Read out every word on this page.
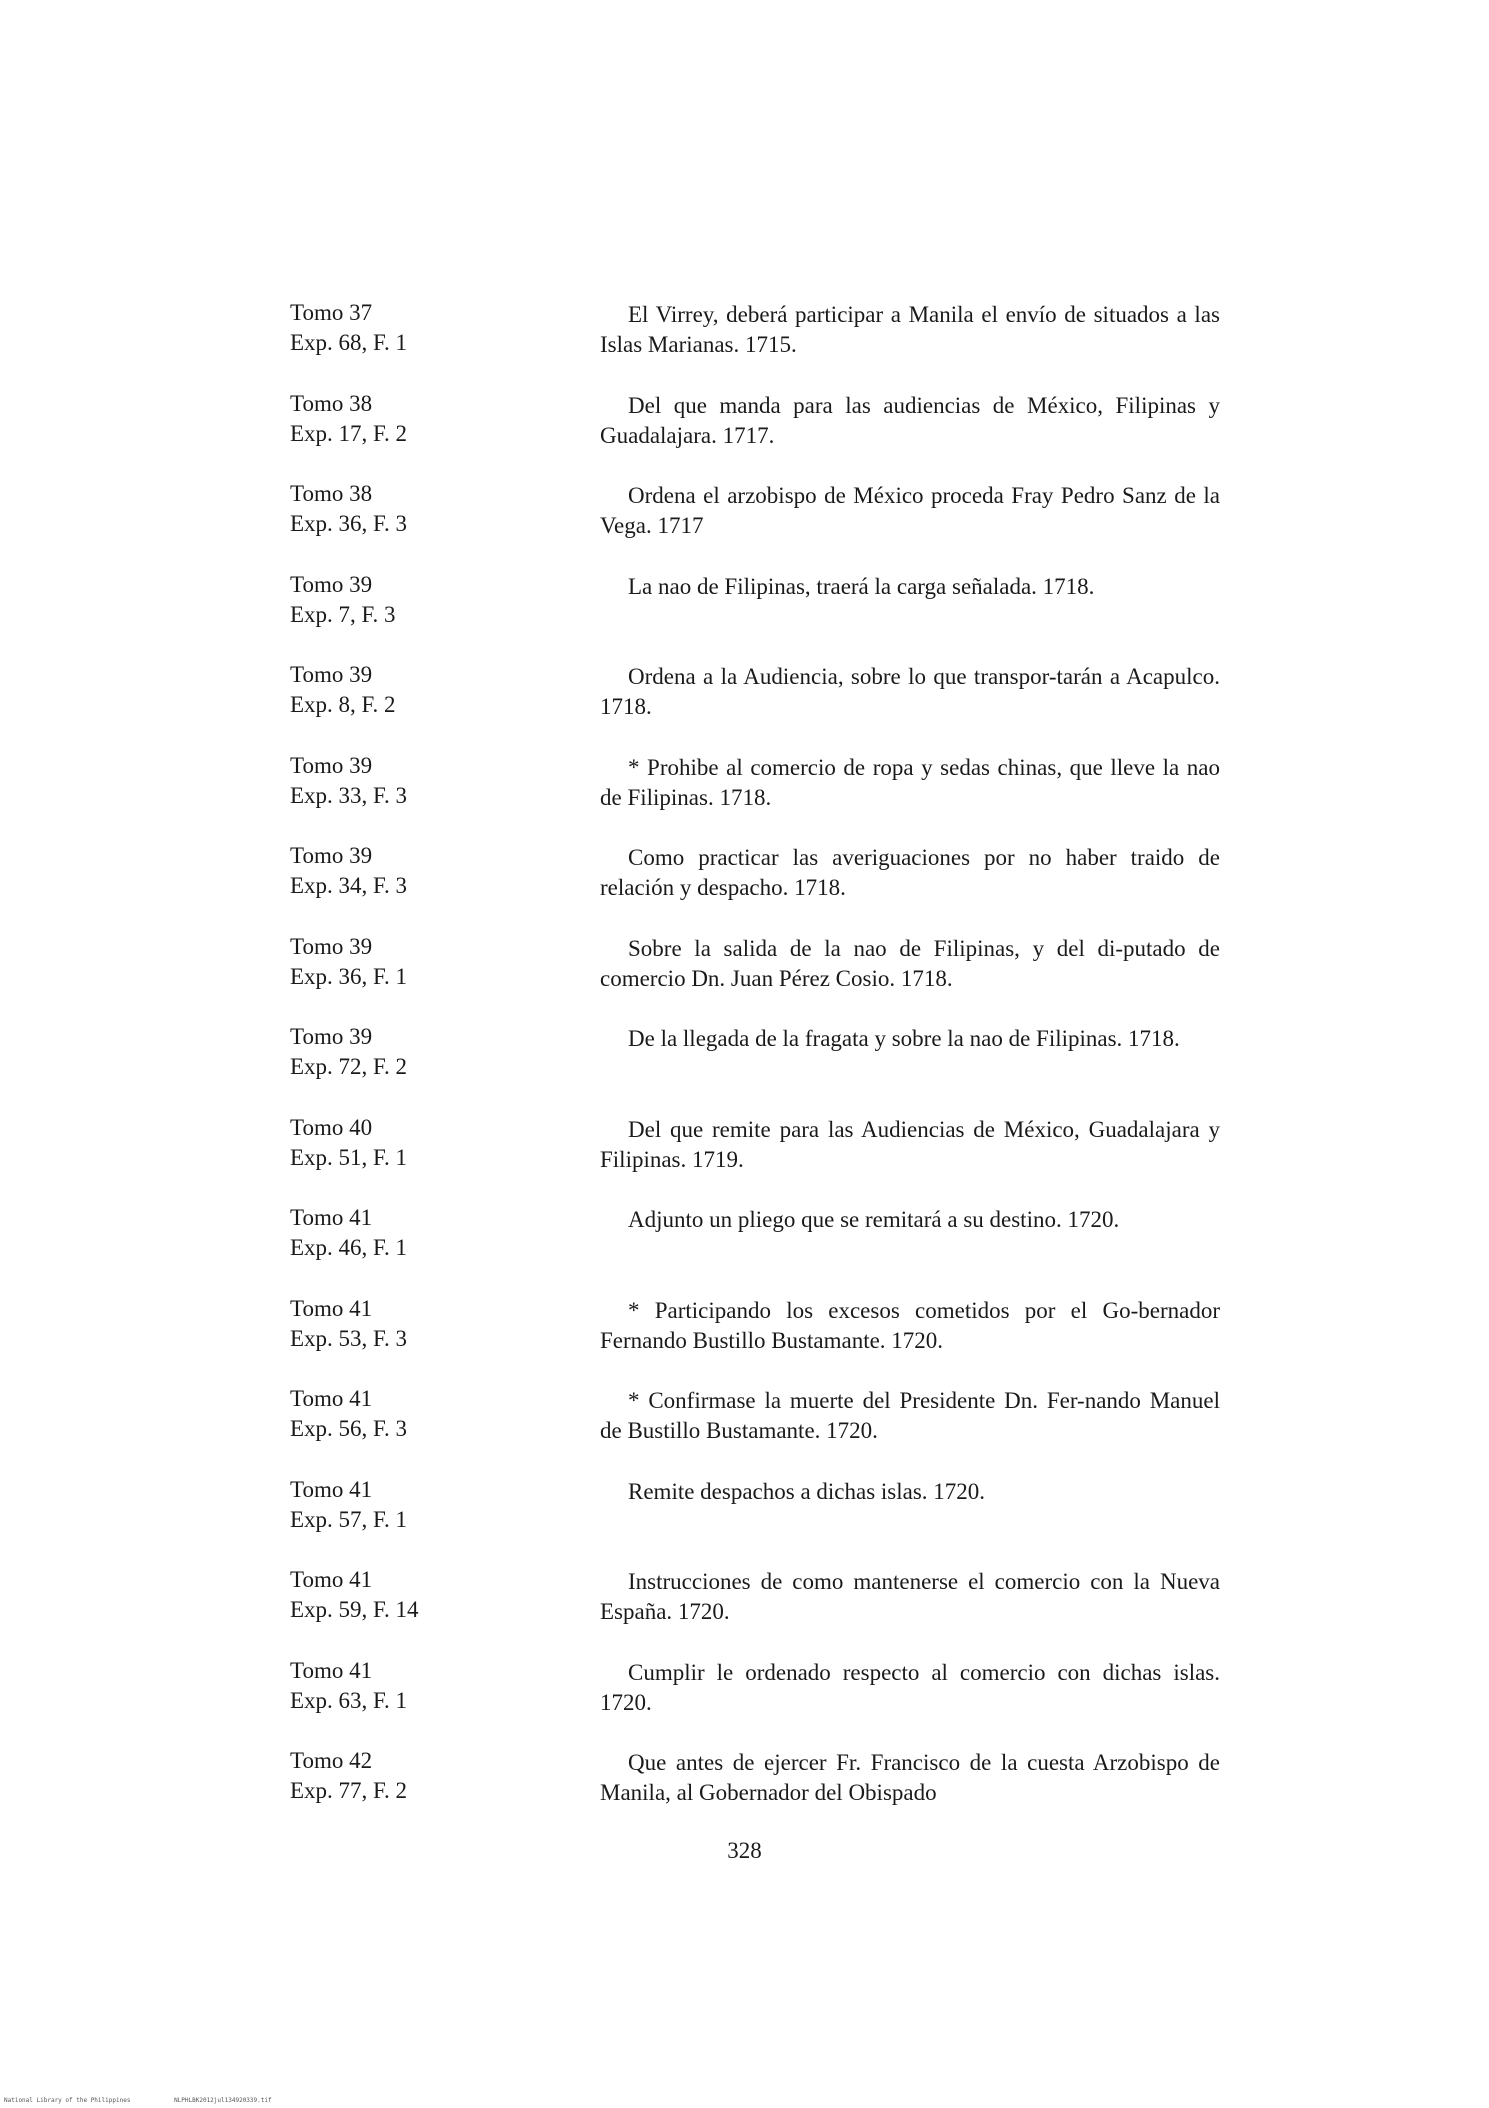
Tomo 37
Exp. 68, F. 1
El Virrey, deberá participar a Manila el envío de situados a las Islas Marianas. 1715.
Tomo 38
Exp. 17, F. 2
Del que manda para las audiencias de México, Filipinas y Guadalajara. 1717.
Tomo 38
Exp. 36, F. 3
Ordena el arzobispo de México proceda Fray Pedro Sanz de la Vega. 1717
Tomo 39
Exp. 7, F. 3
La nao de Filipinas, traerá la carga señalada. 1718.
Tomo 39
Exp. 8, F. 2
Ordena a la Audiencia, sobre lo que transpor-tarán a Acapulco. 1718.
Tomo 39
Exp. 33, F. 3
* Prohibe al comercio de ropa y sedas chinas, que lleve la nao de Filipinas. 1718.
Tomo 39
Exp. 34, F. 3
Como practicar las averiguaciones por no haber traido de relación y despacho. 1718.
Tomo 39
Exp. 36, F. 1
Sobre la salida de la nao de Filipinas, y del di-putado de comercio Dn. Juan Pérez Cosio. 1718.
Tomo 39
Exp. 72, F. 2
De la llegada de la fragata y sobre la nao de Filipinas. 1718.
Tomo 40
Exp. 51, F. 1
Del que remite para las Audiencias de México, Guadalajara y Filipinas. 1719.
Tomo 41
Exp. 46, F. 1
Adjunto un pliego que se remitará a su destino. 1720.
Tomo 41
Exp. 53, F. 3
* Participando los excesos cometidos por el Go-bernador Fernando Bustillo Bustamante. 1720.
Tomo 41
Exp. 56, F. 3
* Confirmase la muerte del Presidente Dn. Fer-nando Manuel de Bustillo Bustamante. 1720.
Tomo 41
Exp. 57, F. 1
Remite despachos a dichas islas. 1720.
Tomo 41
Exp. 59, F. 14
Instrucciones de como mantenerse el comercio con la Nueva España. 1720.
Tomo 41
Exp. 63, F. 1
Cumplir le ordenado respecto al comercio con dichas islas. 1720.
Tomo 42
Exp. 77, F. 2
Que antes de ejercer Fr. Francisco de la cuesta Arzobispo de Manila, al Gobernador del Obispado
328
National Library of the Philippines	NLPHLBK2012jul134920339.tif
